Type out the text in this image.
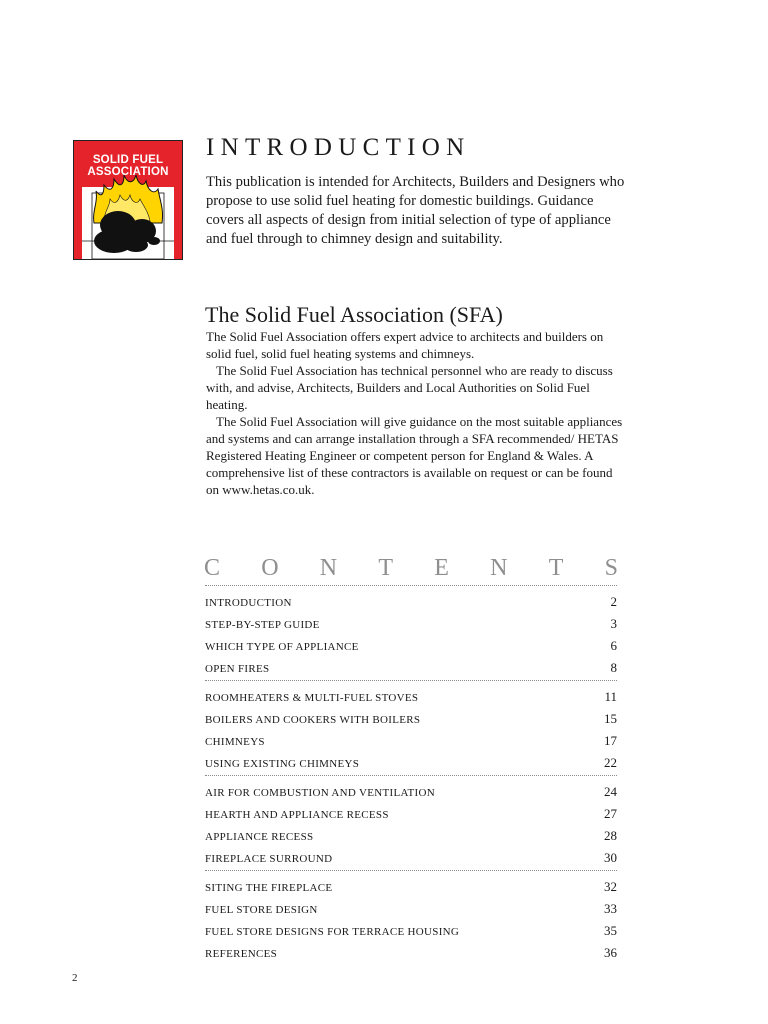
SOLID FUEL
ASSOCIATION
INTRODUCTION

This publication is intended for Architects, Builders and Designers who propose to use solid fuel heating for domestic buildings. Guidance covers all aspects of design from initial selection of type of appliance and fuel through to chimney design and suitability.

The Solid Fuel Association (SFA)

The Solid Fuel Association offers expert advice to architects and builders on solid fuel, solid fuel heating systems and chimneys.

The Solid Fuel Association has technical personnel who are ready to discuss with, and advise, Architects, Builders and Local Authorities on Solid Fuel heating.

The Solid Fuel Association will give guidance on the most suitable appliances and systems and can arrange installation through a SFA recommended/ HETAS Registered Heating Engineer or competent person for England & Wales. A comprehensive list of these contractors is available on request or can be found on www.hetas.co.uk.

C O N T E N T S
INTRODUCTION	2
STEP-BY-STEP GUIDE	3
WHICH TYPE OF APPLIANCE	6
OPEN FIRES	8
ROOMHEATERS & MULTI-FUEL STOVES	11
BOILERS AND COOKERS WITH BOILERS	15
CHIMNEYS	17
USING EXISTING CHIMNEYS	22
AIR FOR COMBUSTION AND VENTILATION	24
HEARTH AND APPLIANCE RECESS	27
APPLIANCE RECESS	28
FIREPLACE SURROUND	30
SITING THE FIREPLACE	32
FUEL STORE DESIGN	33
FUEL STORE DESIGNS FOR TERRACE HOUSING	35
REFERENCES	36
2
